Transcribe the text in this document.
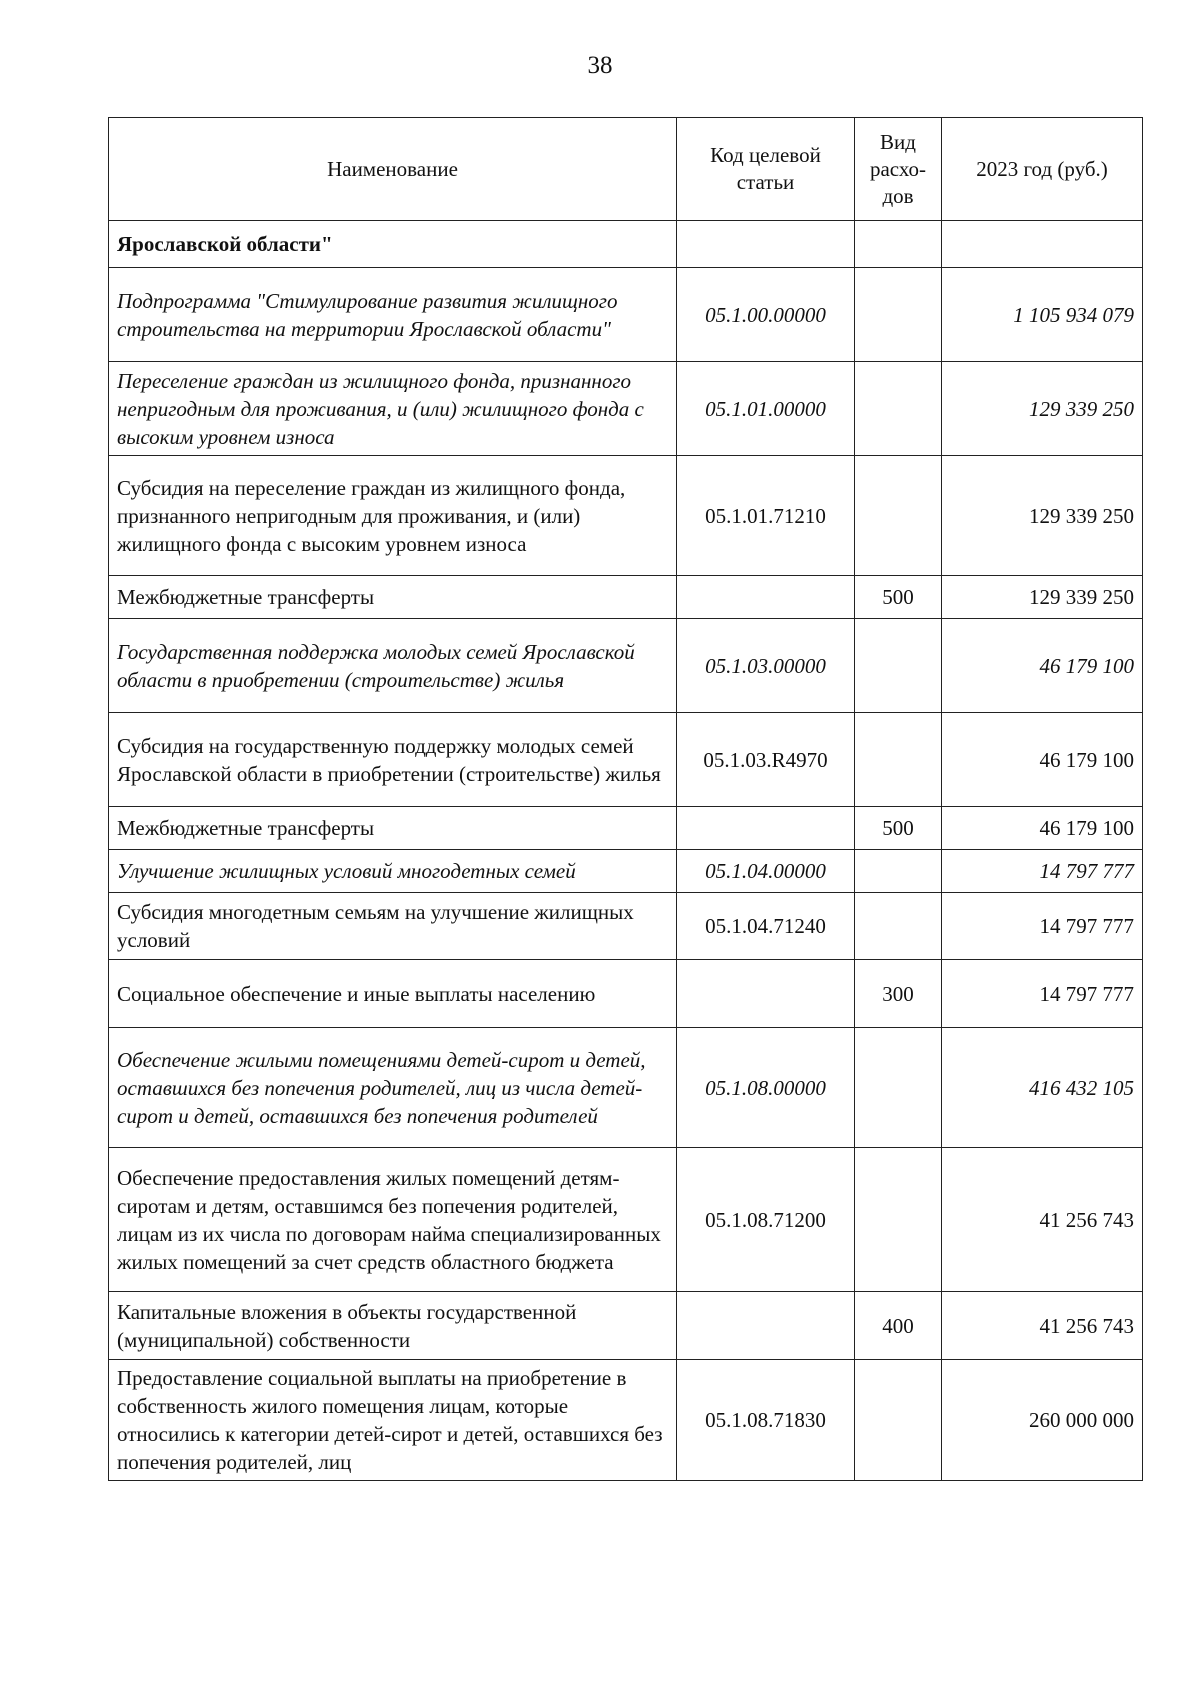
38
Наименование	Код целевой статьи	Вид расхо-дов	2023 год (руб.)
Ярославской области"			
Подпрограмма "Стимулирование развития жилищного строительства на территории Ярославской области"	05.1.00.00000		1 105 934 079
Переселение граждан из жилищного фонда, признанного непригодным для проживания, и (или) жилищного фонда с высоким уровнем износа	05.1.01.00000		129 339 250
Субсидия на переселение граждан из жилищного фонда, признанного непригодным для проживания, и (или) жилищного фонда с высоким уровнем износа	05.1.01.71210		129 339 250
Межбюджетные трансферты		500	129 339 250
Государственная поддержка молодых семей Ярославской области в приобретении (строительстве) жилья	05.1.03.00000		46 179 100
Субсидия на государственную поддержку молодых семей Ярославской области в приобретении (строительстве) жилья	05.1.03.R4970		46 179 100
Межбюджетные трансферты		500	46 179 100
Улучшение жилищных условий многодетных семей	05.1.04.00000		14 797 777
Субсидия многодетным семьям на улучшение жилищных условий	05.1.04.71240		14 797 777
Социальное обеспечение и иные выплаты населению		300	14 797 777
Обеспечение жилыми помещениями детей-сирот и детей, оставшихся без попечения родителей, лиц из числа детей-сирот и детей, оставшихся без попечения родителей	05.1.08.00000		416 432 105
Обеспечение предоставления жилых помещений детям-сиротам и детям, оставшимся без попечения родителей, лицам из их числа по договорам найма специализированных жилых помещений за счет средств областного бюджета	05.1.08.71200		41 256 743
Капитальные вложения в объекты государственной (муниципальной) собственности		400	41 256 743
Предоставление социальной выплаты на приобретение в собственность жилого помещения лицам, которые относились к категории детей-сирот и детей, оставшихся без попечения родителей, лиц	05.1.08.71830		260 000 000
